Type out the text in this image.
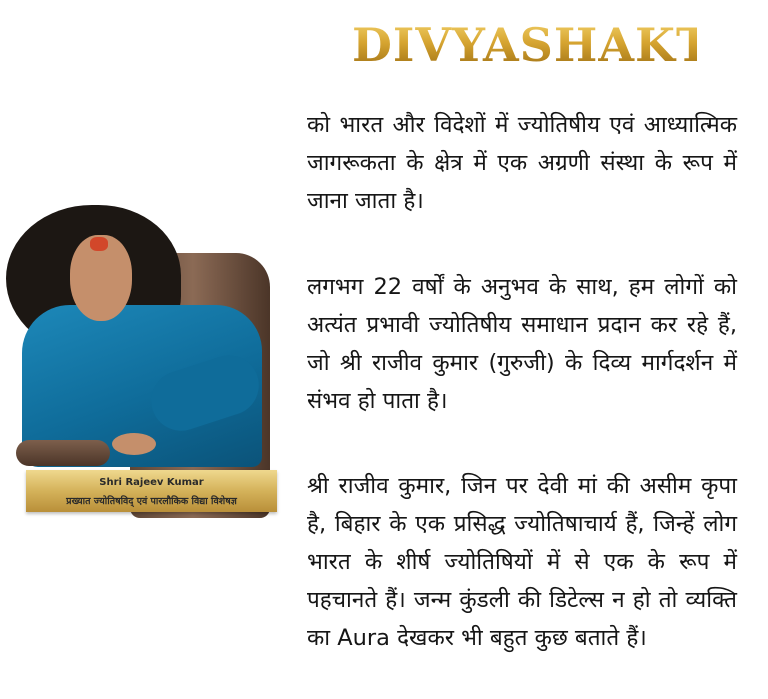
DIVYASHAKTI

को भारत और विदेशों में ज्योतिषीय एवं आध्यात्मिक जागरूकता के क्षेत्र में एक अग्रणी संस्था के रूप में जाना जाता है।

लगभग 22 वर्षों के अनुभव के साथ, हम लोगों को अत्यंत प्रभावी ज्योतिषीय समाधान प्रदान कर रहे हैं, जो श्री राजीव कुमार (गुरुजी) के दिव्य मार्गदर्शन में संभव हो पाता है।

श्री राजीव कुमार, जिन पर देवी मां की असीम कृपा है, बिहार के एक प्रसिद्ध ज्योतिषाचार्य हैं, जिन्हें लोग भारत के शीर्ष ज्योतिषियों में से एक के रूप में पहचानते हैं। जन्म कुंडली की डिटेल्स न हो तो व्यक्ति का Aura देखकर भी बहुत कुछ बताते हैं।

Shri Rajeev Kumar
प्रख्यात ज्योतिषविद् एवं पारलौकिक विद्या विशेषज्ञ
